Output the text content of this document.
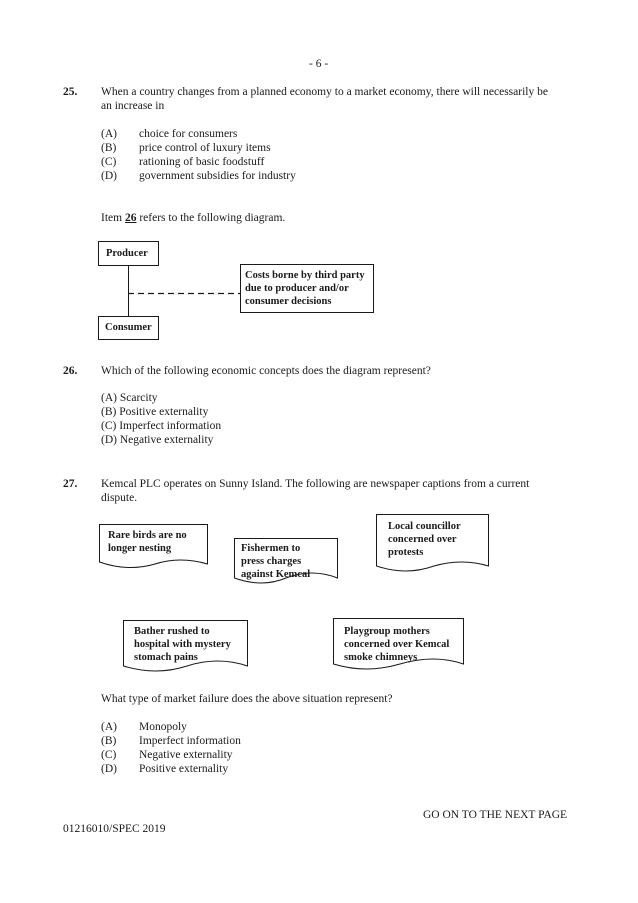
- 6 -
25 . When a country changes from a planned economy to a market economy, there will necessarily be
an increase in
(A) choice for consumers
(B) price control of luxury items
(C) rationing of basic foodstuff
(D) government subsidies for industry
Item 26 refers to the following diagram.
Producer
Consumer
Costs borne by third party
due to producer and/or
consumer decisions
26 . Which of the following economic concepts does the diagram represent?
(A) Scarcity
(B) Positive externality
(C) Imperfect information
(D) Negative externality
27 . Kemcal PLC operates on Sunny Island. The following are newspaper captions from a current
dispute.
Rare birds are no
longer nesting	Fishermen to
press charges
against Kemcal
Local councillor
concerned over
protests
Bather rushed to
hospital with mystery
stomach pains
Playgroup mothers
concerned over Kemcal
smoke chimneys
What type of market failure does the above situation represent?
(A) Monopoly
(B) Imperfect information
(C) Negative externality
(D) Positive externality
GO ON TO THE NEXT PAGE
01216010/SPEC 2019
